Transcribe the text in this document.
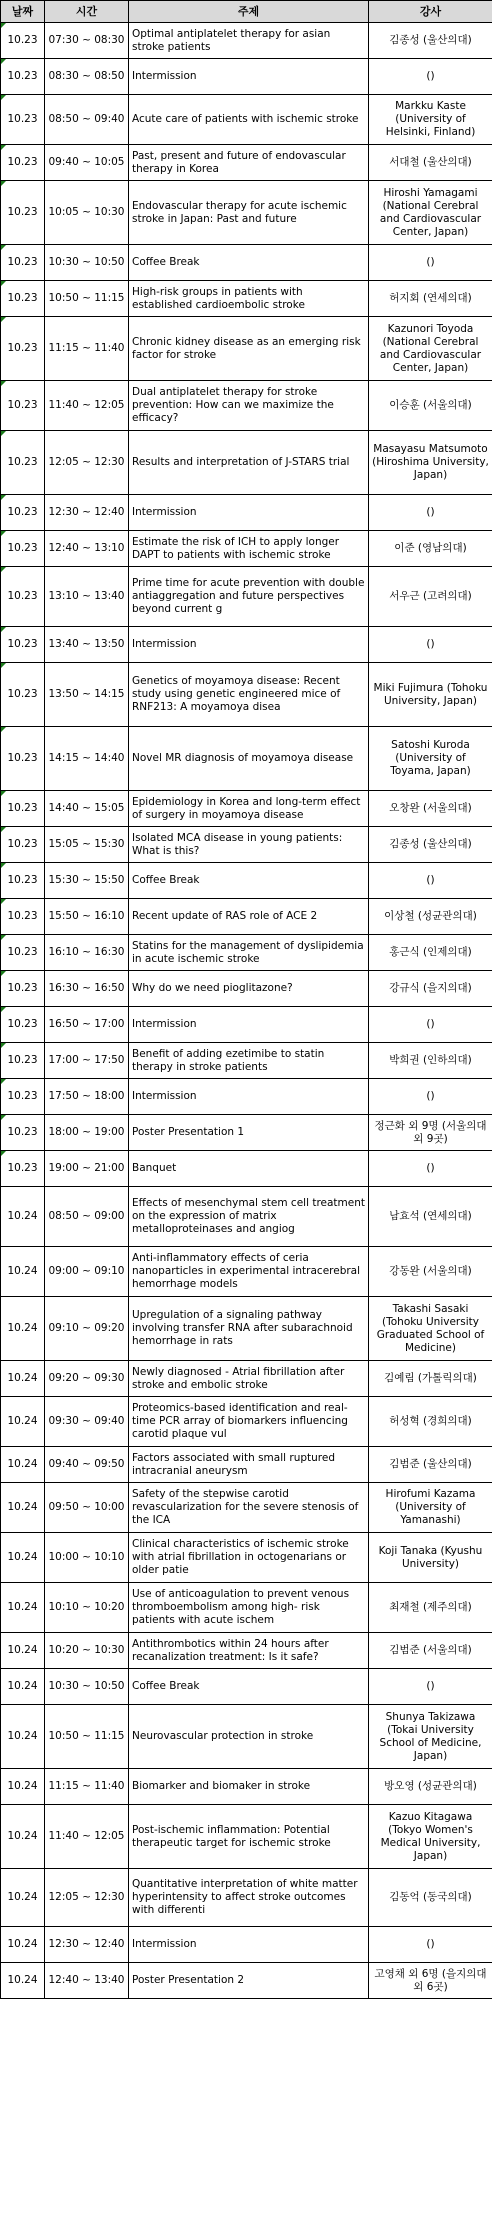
날짜	시간	주제	강사

10.23	07:30 ~ 08:30	Optimal antiplatelet therapy for asian stroke patients	김종성 (울산의대)

10.23	08:30 ~ 08:50	Intermission	()

10.23	08:50 ~ 09:40	Acute care of patients with ischemic stroke	Markku Kaste (University of Helsinki, Finland)

10.23	09:40 ~ 10:05	Past, present and future of endovascular therapy in Korea	서대철 (울산의대)

10.23	10:05 ~ 10:30	Endovascular therapy for acute ischemic stroke in Japan: Past and future	Hiroshi Yamagami (National Cerebral and Cardiovascular Center, Japan)

10.23	10:30 ~ 10:50	Coffee Break	()

10.23	10:50 ~ 11:15	High-risk groups in patients with established cardioembolic stroke	허지회 (연세의대)

10.23	11:15 ~ 11:40	Chronic kidney disease as an emerging risk factor for stroke	Kazunori Toyoda (National Cerebral and Cardiovascular Center, Japan)

10.23	11:40 ~ 12:05	Dual antiplatelet therapy for stroke prevention: How can we maximize the efficacy?	이승훈 (서울의대)

10.23	12:05 ~ 12:30	Results and interpretation of J-STARS trial	Masayasu Matsumoto (Hiroshima University, Japan)

10.23	12:30 ~ 12:40	Intermission	()

10.23	12:40 ~ 13:10	Estimate the risk of ICH to apply longer DAPT to patients with ischemic stroke	이준 (영남의대)

10.23	13:10 ~ 13:40	Prime time for acute prevention with double antiaggregation and future perspectives beyond current g	서우근 (고려의대)

10.23	13:40 ~ 13:50	Intermission	()

10.23	13:50 ~ 14:15	Genetics of moyamoya disease: Recent study using genetic engineered mice of RNF213: A moyamoya disea	Miki Fujimura (Tohoku University, Japan)

10.23	14:15 ~ 14:40	Novel MR diagnosis of moyamoya disease	Satoshi Kuroda (University of Toyama, Japan)

10.23	14:40 ~ 15:05	Epidemiology in Korea and long-term effect of surgery in moyamoya disease	오창완 (서울의대)

10.23	15:05 ~ 15:30	Isolated MCA disease in young patients: What is this?	김종성 (울산의대)

10.23	15:30 ~ 15:50	Coffee Break	()

10.23	15:50 ~ 16:10	Recent update of RAS role of ACE 2	이상철 (성균관의대)

10.23	16:10 ~ 16:30	Statins for the management of dyslipidemia in acute ischemic stroke	홍근식 (인제의대)

10.23	16:30 ~ 16:50	Why do we need pioglitazone?	강규식 (을지의대)

10.23	16:50 ~ 17:00	Intermission	()

10.23	17:00 ~ 17:50	Benefit of adding ezetimibe to statin therapy in stroke patients	박희권 (인하의대)

10.23	17:50 ~ 18:00	Intermission	()

10.23	18:00 ~ 19:00	Poster Presentation 1	정근화 외 9명 (서울의대 외 9곳)

10.23	19:00 ~ 21:00	Banquet	()
10.24	08:50 ~ 09:00	Effects of mesenchymal stem cell treatment on the expression of matrix metalloproteinases and angiog	남효석 (연세의대)
10.24	09:00 ~ 09:10	Anti-inflammatory effects of ceria nanoparticles in experimental intracerebral hemorrhage models	강동완 (서울의대)
10.24	09:10 ~ 09:20	Upregulation of a signaling pathway involving transfer RNA after subarachnoid hemorrhage in rats	Takashi Sasaki (Tohoku University Graduated School of Medicine)
10.24	09:20 ~ 09:30	Newly diagnosed - Atrial fibrillation after stroke and embolic stroke	김예림 (가톨릭의대)
10.24	09:30 ~ 09:40	Proteomics-based identification and real-time PCR array of biomarkers influencing carotid plaque vul	허성혁 (경희의대)
10.24	09:40 ~ 09:50	Factors associated with small ruptured intracranial aneurysm	김범준 (울산의대)
10.24	09:50 ~ 10:00	Safety of the stepwise carotid revascularization for the severe stenosis of the ICA	Hirofumi Kazama (University of Yamanashi)
10.24	10:00 ~ 10:10	Clinical characteristics of ischemic stroke with atrial fibrillation in octogenarians or older patie	Koji Tanaka (Kyushu University)
10.24	10:10 ~ 10:20	Use of anticoagulation to prevent venous thromboembolism among high- risk patients with acute ischem	최재철 (제주의대)
10.24	10:20 ~ 10:30	Antithrombotics within 24 hours after recanalization treatment: Is it safe?	김범준 (서울의대)
10.24	10:30 ~ 10:50	Coffee Break	()
10.24	10:50 ~ 11:15	Neurovascular protection in stroke	Shunya Takizawa (Tokai University School of Medicine, Japan)
10.24	11:15 ~ 11:40	Biomarker and biomaker in stroke	방오영 (성균관의대)
10.24	11:40 ~ 12:05	Post-ischemic inflammation: Potential therapeutic target for ischemic stroke	Kazuo Kitagawa (Tokyo Women's Medical University, Japan)
10.24	12:05 ~ 12:30	Quantitative interpretation of white matter hyperintensity to affect stroke outcomes with differenti	김동억 (동국의대)
10.24	12:30 ~ 12:40	Intermission	()
10.24	12:40 ~ 13:40	Poster Presentation 2	고영채 외 6명 (을지의대 외 6곳)
